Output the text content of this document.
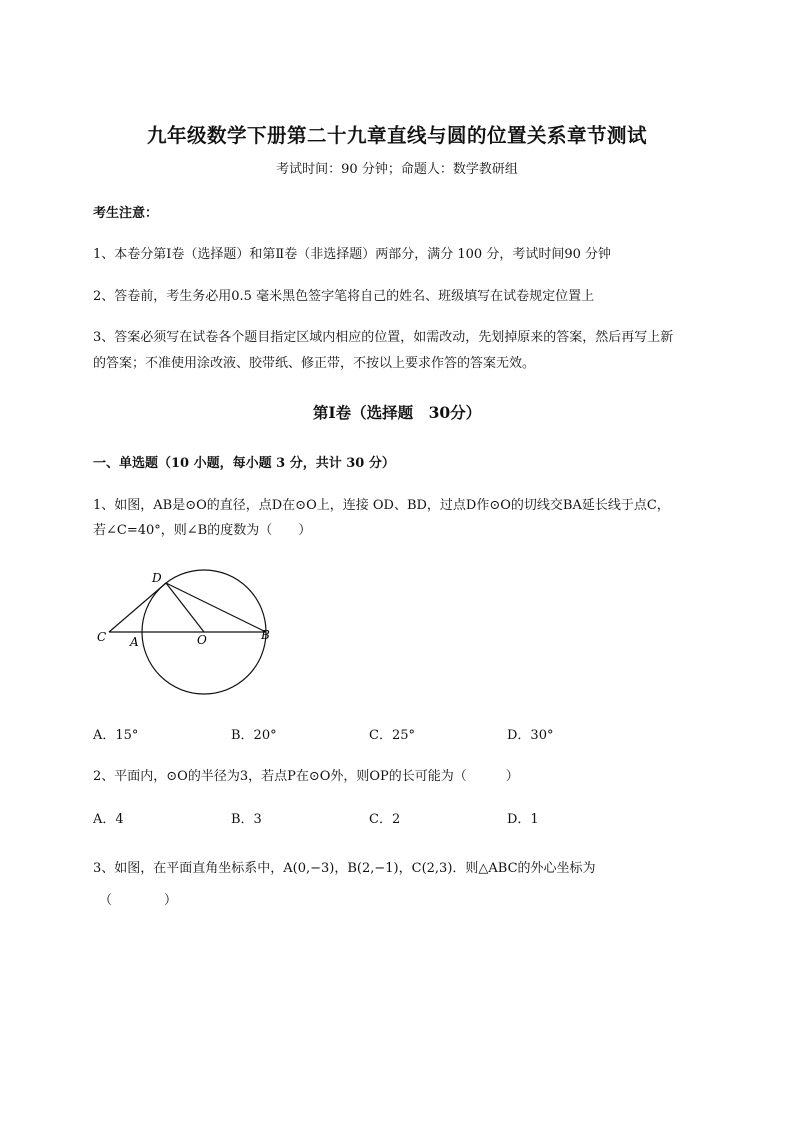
九年级数学下册第二十九章直线与圆的位置关系章节测试
考试时间：90 分钟；命题人：数学教研组
考生注意：
1、本卷分第Ⅰ卷（选择题）和第Ⅱ卷（非选择题）两部分，满分 100 分，考试时间90 分钟
2、答卷前，考生务必用0.5 毫米黑色签字笔将自己的姓名、班级填写在试卷规定位置上
3、答案必须写在试卷各个题目指定区域内相应的位置，如需改动，先划掉原来的答案，然后再写上新
的答案；不准使用涂改液、胶带纸、修正带，不按以上要求作答的答案无效。
第Ⅰ卷（选择题　30分）
一、单选题（10 小题，每小题 3 分，共计 30 分）
1、如图，AB是⊙O的直径，点D在⊙O上，连接 OD、BD，过点D作⊙O的切线交BA延长线于点C，
若∠C=40°，则∠B的度数为（　　）
D
C A	O	B
A．15°	B．20°	C．25°	D．30°
2、平面内，⊙O的半径为3，若点P在⊙O外，则OP的长可能为（　　　）
A．4	B．3	C．2	D．1
3、如图，在平面直角坐标系中，A(0,−3)，B(2,−1)，C(2,3)．则△ABC的外心坐标为
（　　　　）
